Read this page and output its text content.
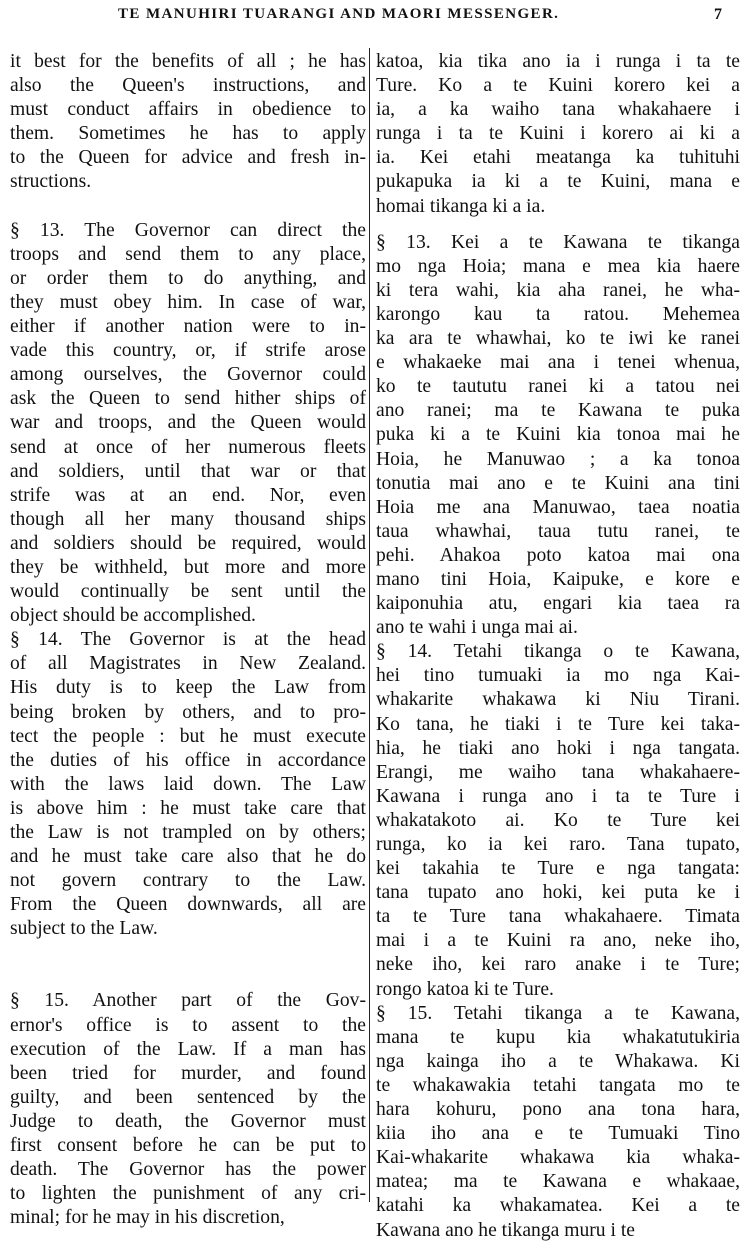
TE MANUHIRI TUARANGI AND MAORI MESSENGER.	7
it best for the benefits of all ; he has
also the Queen's instructions, and
must conduct affairs in obedience to
them. Sometimes he has to apply
to the Queen for advice and fresh in-
structions.
§ 13. The Governor can direct the
troops and send them to any place,
or order them to do anything, and
they must obey him. In case of war,
either if another nation were to in-
vade this country, or, if strife arose
among ourselves, the Governor could
ask the Queen to send hither ships of
war and troops, and the Queen would
send at once of her numerous fleets
and soldiers, until that war or that
strife was at an end. Nor, even
though all her many thousand ships
and soldiers should be required, would
they be withheld, but more and more
would continually be sent until the
object should be accomplished.
§ 14. The Governor is at the head
of all Magistrates in New Zealand.
His duty is to keep the Law from
being broken by others, and to pro-
tect the people : but he must execute
the duties of his office in accordance
with the laws laid down. The Law
is above him : he must take care that
the Law is not trampled on by others;
and he must take care also that he do
not govern contrary to the Law.
From the Queen downwards, all are
subject to the Law.
§ 15. Another part of the Gov-
ernor's office is to assent to the
execution of the Law. If a man has
been tried for murder, and found
guilty, and been sentenced by the
Judge to death, the Governor must
first consent before he can be put to
death. The Governor has the power
to lighten the punishment of any cri-
minal; for he may in his discretion,
katoa, kia tika ano ia i runga i ta te
Ture. Ko a te Kuini korero kei a
ia, a ka waiho tana whakahaere i
runga i ta te Kuini i korero ai ki a
ia. Kei etahi meatanga ka tuhituhi
pukapuka ia ki a te Kuini, mana e
homai tikanga ki a ia.
§ 13. Kei a te Kawana te tikanga
mo nga Hoia; mana e mea kia haere
ki tera wahi, kia aha ranei, he wha-
karongo kau ta ratou. Mehemea
ka ara te whawhai, ko te iwi ke ranei
e whakaeke mai ana i tenei whenua,
ko te taututu ranei ki a tatou nei
ano ranei; ma te Kawana te puka
puka ki a te Kuini kia tonoa mai he
Hoia, he Manuwao ; a ka tonoa
tonutia mai ano e te Kuini ana tini
Hoia me ana Manuwao, taea noatia
taua whawhai, taua tutu ranei, te
pehi. Ahakoa poto katoa mai ona
mano tini Hoia, Kaipuke, e kore e
kaiponuhia atu, engari kia taea ra
ano te wahi i unga mai ai.
§ 14. Tetahi tikanga o te Kawana,
hei tino tumuaki ia mo nga Kai-
whakarite whakawa ki Niu Tirani.
Ko tana, he tiaki i te Ture kei taka-
hia, he tiaki ano hoki i nga tangata.
Erangi, me waiho tana whakahaere-
Kawana i runga ano i ta te Ture i
whakatakoto ai. Ko te Ture kei
runga, ko ia kei raro. Tana tupato,
kei takahia te Ture e nga tangata:
tana tupato ano hoki, kei puta ke i
ta te Ture tana whakahaere. Timata
mai i a te Kuini ra ano, neke iho,
neke iho, kei raro anake i te Ture;
rongo katoa ki te Ture.
§ 15. Tetahi tikanga a te Kawana,
mana te kupu kia whakatutukiria
nga kainga iho a te Whakawa. Ki
te whakawakia tetahi tangata mo te
hara kohuru, pono ana tona hara,
kiia iho ana e te Tumuaki Tino
Kai-whakarite whakawa kia whaka-
matea; ma te Kawana e whakaae,
katahi ka whakamatea. Kei a te
Kawana ano he tikanga muru i te
